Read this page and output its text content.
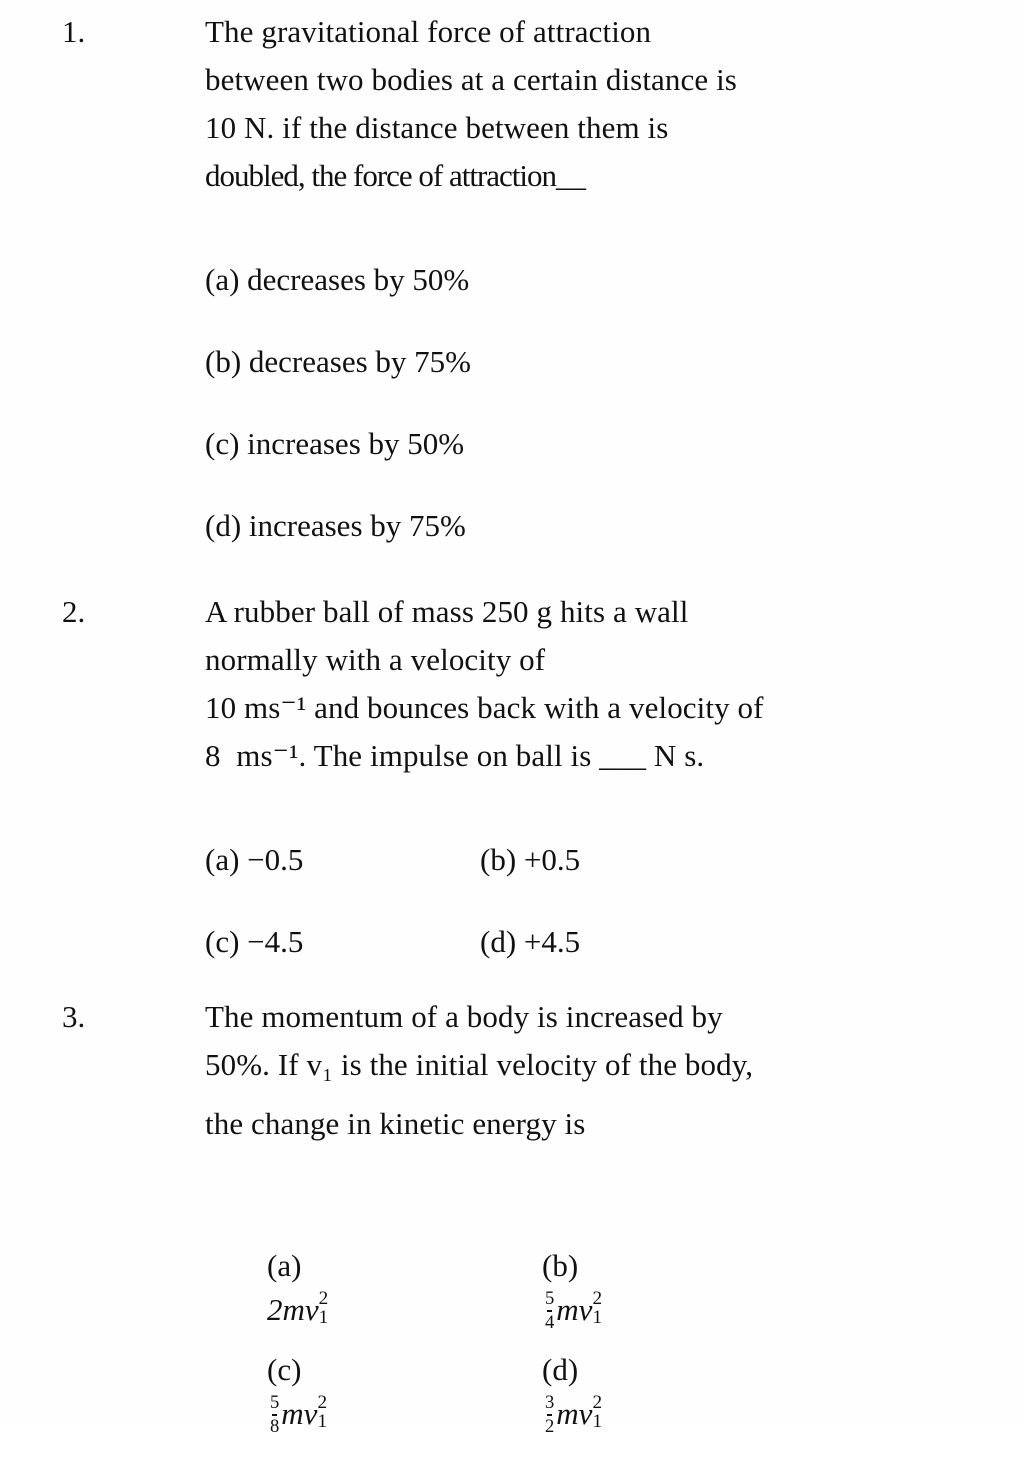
1.	The gravitational force of attraction
between two bodies at a certain distance is
10 N. if the distance between them is
doubled, the force of attraction__
(a) decreases by 50%
(b) decreases by 75%
(c) increases by 50%
(d) increases by 75%
2.	A rubber ball of mass 250 g hits a wall
normally with a velocity of
10 ms⁻¹ and bounces back with a velocity of
8  ms⁻¹. The impulse on ball is ___ N s.
(a) −0.5	(b) +0.5
(c) −4.5	(d) +4.5
3.	The momentum of a body is increased by
50%. If v₁ is the initial velocity of the body,
the change in kinetic energy is

(a)
2mv 2
1

(b)

$\frac{5}{4}$ mv 2
1

(c)

$\frac{5}{8}$ mv 2
1

(d)

$\frac{3}{2}$ mv 2
1
